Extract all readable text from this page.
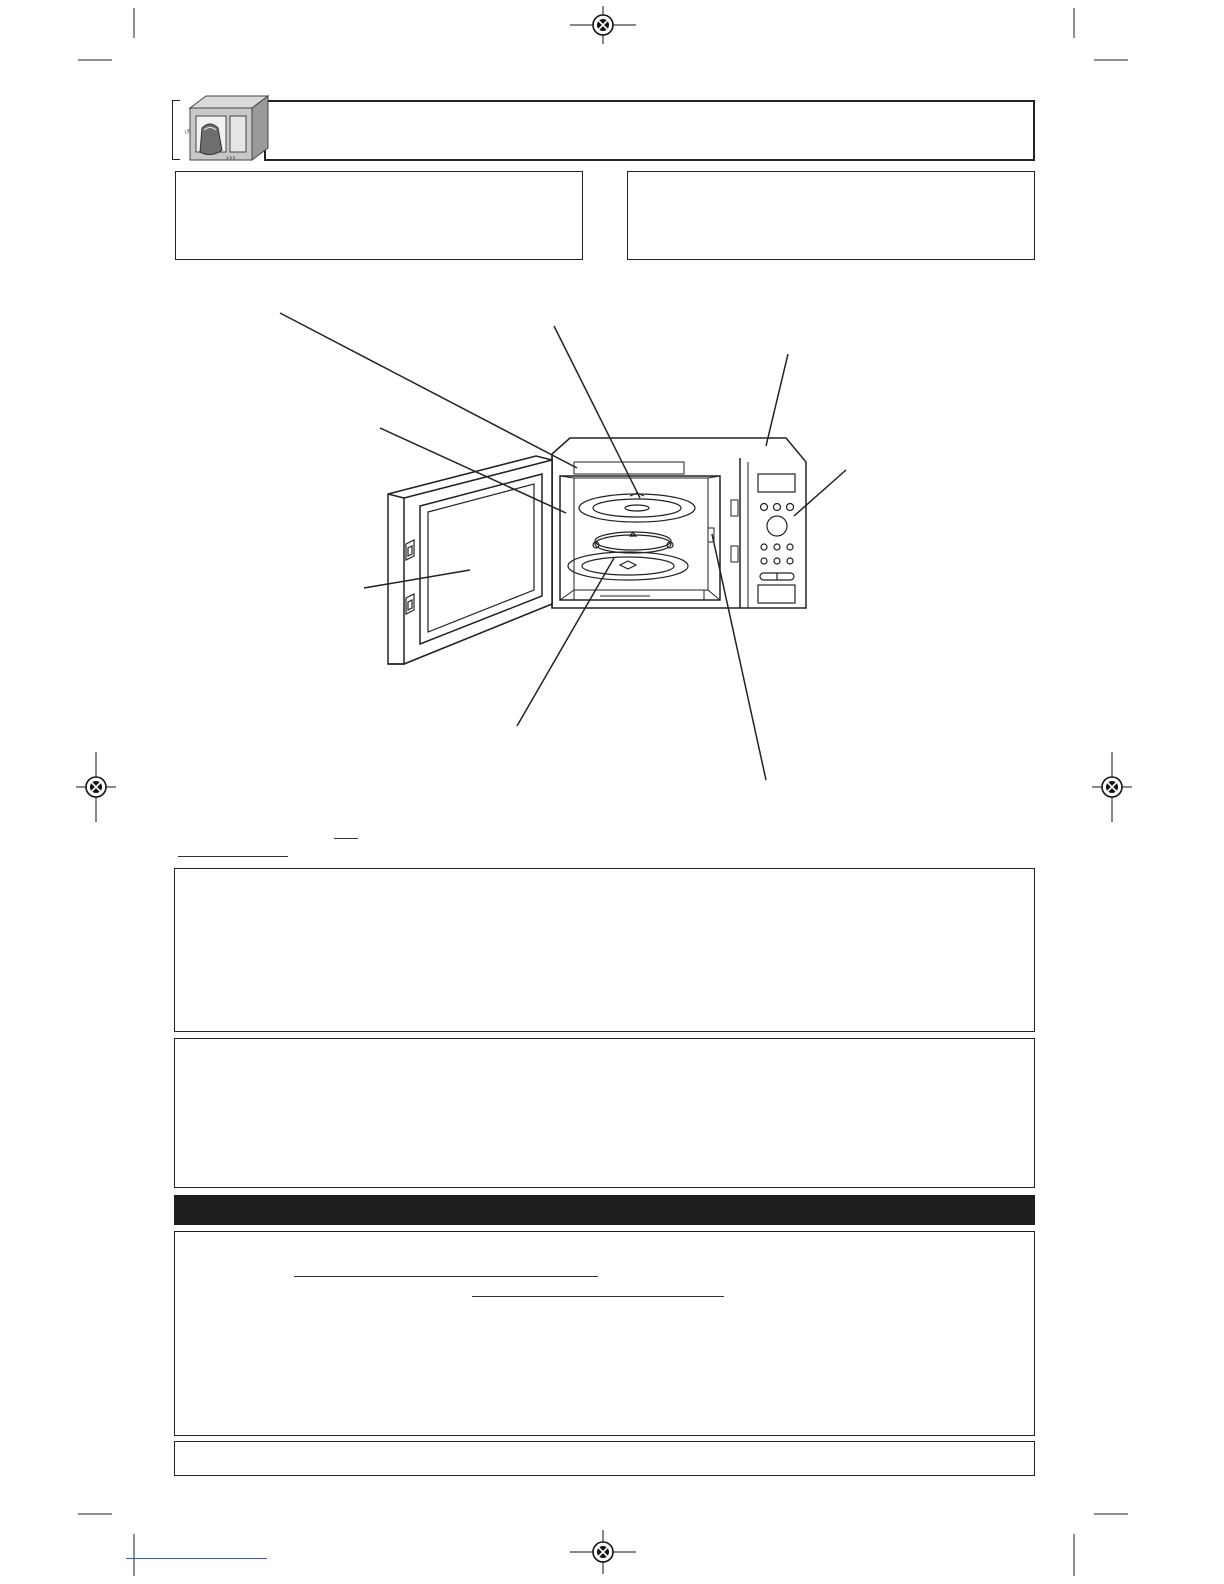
›››
↺
